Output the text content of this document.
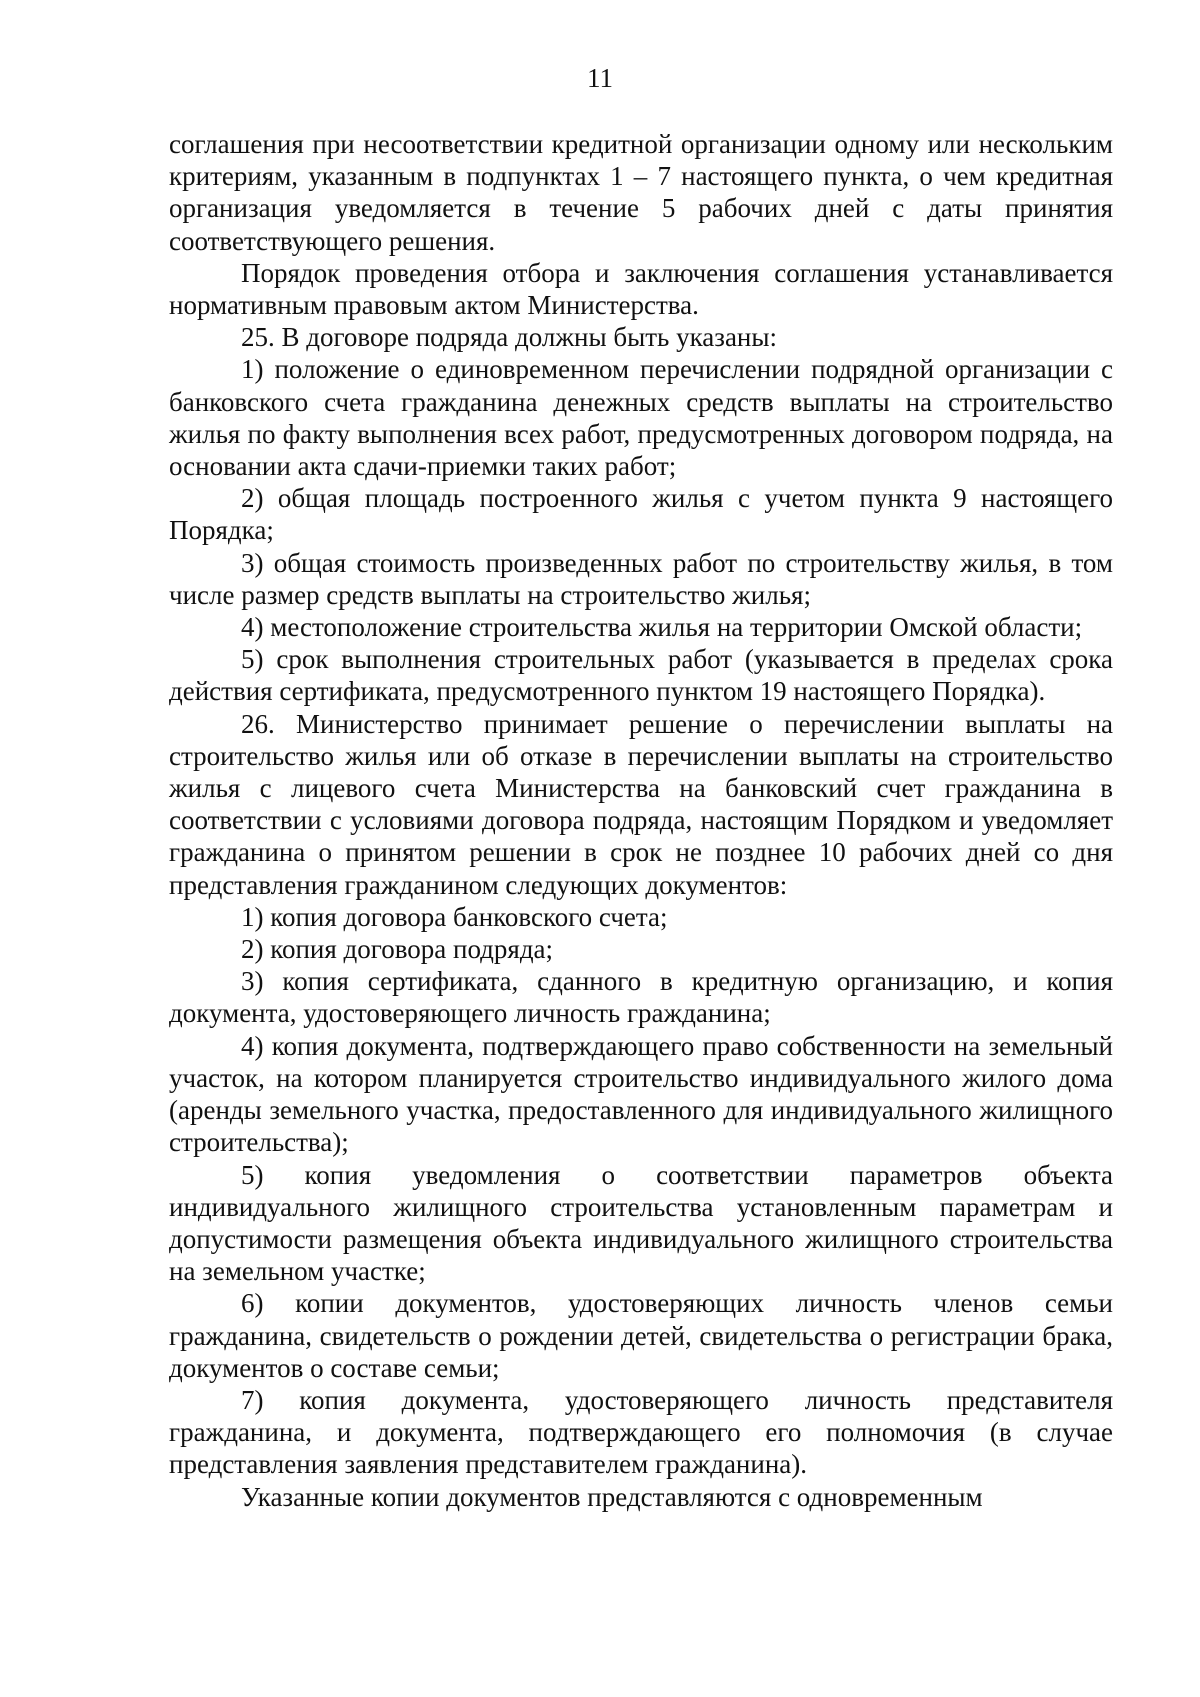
11

соглашения при несоответствии кредитной организации одному или нескольким критериям, указанным в подпунктах 1 – 7 настоящего пункта, о чем кредитная организация уведомляется в течение 5 рабочих дней с даты принятия соответствующего решения.

Порядок проведения отбора и заключения соглашения устанавливается нормативным правовым актом Министерства.

25. В договоре подряда должны быть указаны:

1) положение о единовременном перечислении подрядной организации с банковского счета гражданина денежных средств выплаты на строительство жилья по факту выполнения всех работ, предусмотренных договором подряда, на основании акта сдачи-приемки таких работ;

2) общая площадь построенного жилья с учетом пункта 9 настоящего Порядка;

3) общая стоимость произведенных работ по строительству жилья, в том числе размер средств выплаты на строительство жилья;

4) местоположение строительства жилья на территории Омской области;

5) срок выполнения строительных работ (указывается в пределах срока действия сертификата, предусмотренного пунктом 19 настоящего Порядка).

26. Министерство принимает решение о перечислении выплаты на строительство жилья или об отказе в перечислении выплаты на строительство жилья с лицевого счета Министерства на банковский счет гражданина в соответствии с условиями договора подряда, настоящим Порядком и уведомляет гражданина о принятом решении в срок не позднее 10 рабочих дней со дня представления гражданином следующих документов:

1) копия договора банковского счета;

2) копия договора подряда;

3) копия сертификата, сданного в кредитную организацию, и копия документа, удостоверяющего личность гражданина;

4) копия документа, подтверждающего право собственности на земельный участок, на котором планируется строительство индивидуального жилого дома (аренды земельного участка, предоставленного для индивидуального жилищного строительства);

5) копия уведомления о соответствии параметров объекта индивидуального жилищного строительства установленным параметрам и допустимости размещения объекта индивидуального жилищного строительства на земельном участке;

6) копии документов, удостоверяющих личность членов семьи гражданина, свидетельств о рождении детей, свидетельства о регистрации брака, документов о составе семьи;

7) копия документа, удостоверяющего личность представителя гражданина, и документа, подтверждающего его полномочия (в случае представления заявления представителем гражданина).

Указанные копии документов представляются с одновременным
